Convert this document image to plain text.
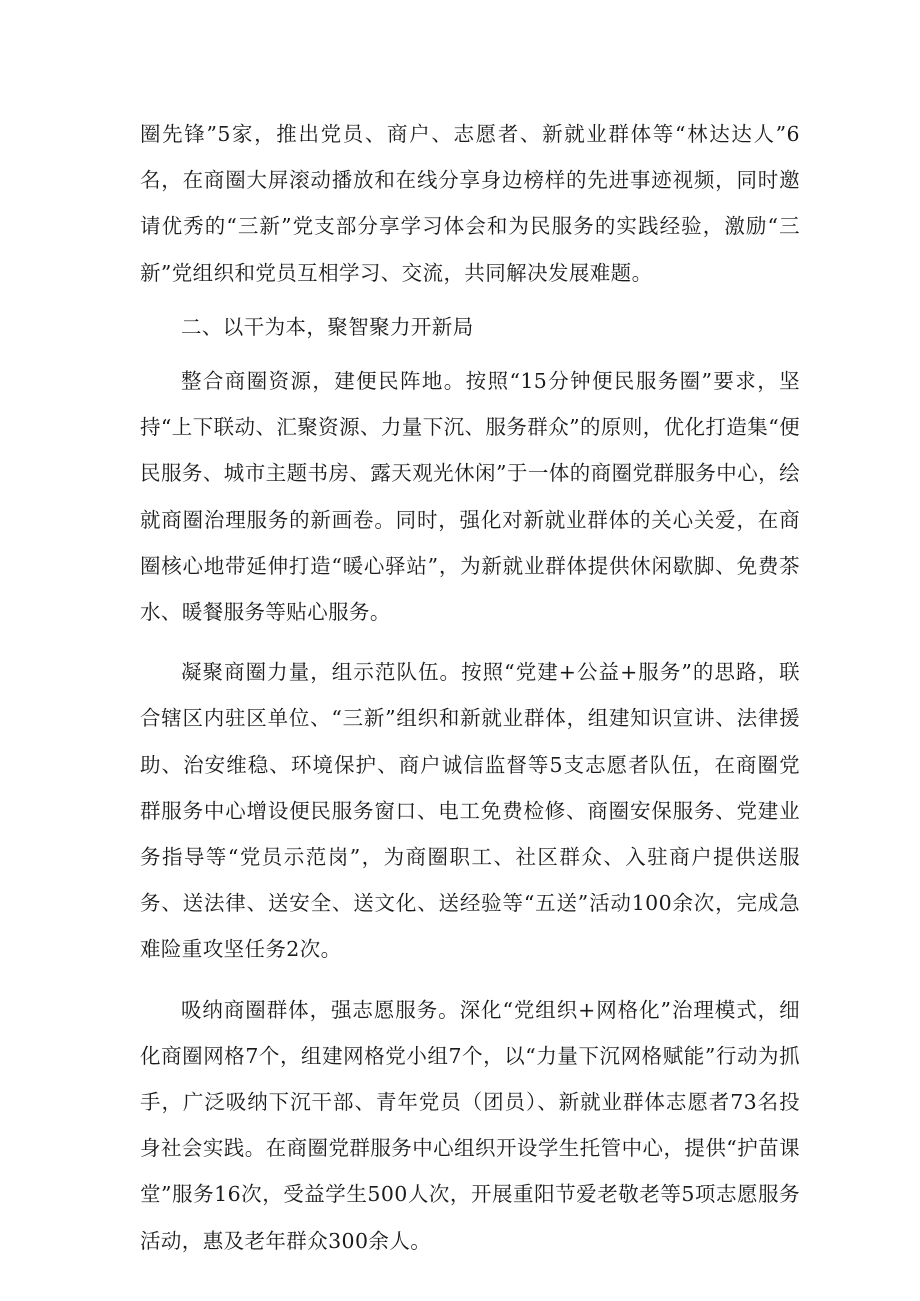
圈先锋”5家，推出党员、商户、志愿者、新就业群体等“林达达人”6名，在商圈大屏滚动播放和在线分享身边榜样的先进事迹视频，同时邀请优秀的“三新”党支部分享学习体会和为民服务的实践经验，激励“三新”党组织和党员互相学习、交流，共同解决发展难题。

二、以干为本，聚智聚力开新局

整合商圈资源，建便民阵地。按照“15分钟便民服务圈”要求，坚持“上下联动、汇聚资源、力量下沉、服务群众”的原则，优化打造集“便民服务、城市主题书房、露天观光休闲”于一体的商圈党群服务中心，绘就商圈治理服务的新画卷。同时，强化对新就业群体的关心关爱，在商圈核心地带延伸打造“暖心驿站”，为新就业群体提供休闲歇脚、免费茶水、暖餐服务等贴心服务。

凝聚商圈力量，组示范队伍。按照“党建+公益+服务”的思路，联合辖区内驻区单位、“三新”组织和新就业群体，组建知识宣讲、法律援助、治安维稳、环境保护、商户诚信监督等5支志愿者队伍，在商圈党群服务中心增设便民服务窗口、电工免费检修、商圈安保服务、党建业务指导等“党员示范岗”，为商圈职工、社区群众、入驻商户提供送服务、送法律、送安全、送文化、送经验等“五送”活动100余次，完成急难险重攻坚任务2次。

吸纳商圈群体，强志愿服务。深化“党组织+网格化”治理模式，细化商圈网格7个，组建网格党小组7个，以“力量下沉网格赋能”行动为抓手，广泛吸纳下沉干部、青年党员（团员）、新就业群体志愿者73名投身社会实践。在商圈党群服务中心组织开设学生托管中心，提供“护苗课堂”服务16次，受益学生500人次，开展重阳节爱老敬老等5项志愿服务活动，惠及老年群众300余人。
